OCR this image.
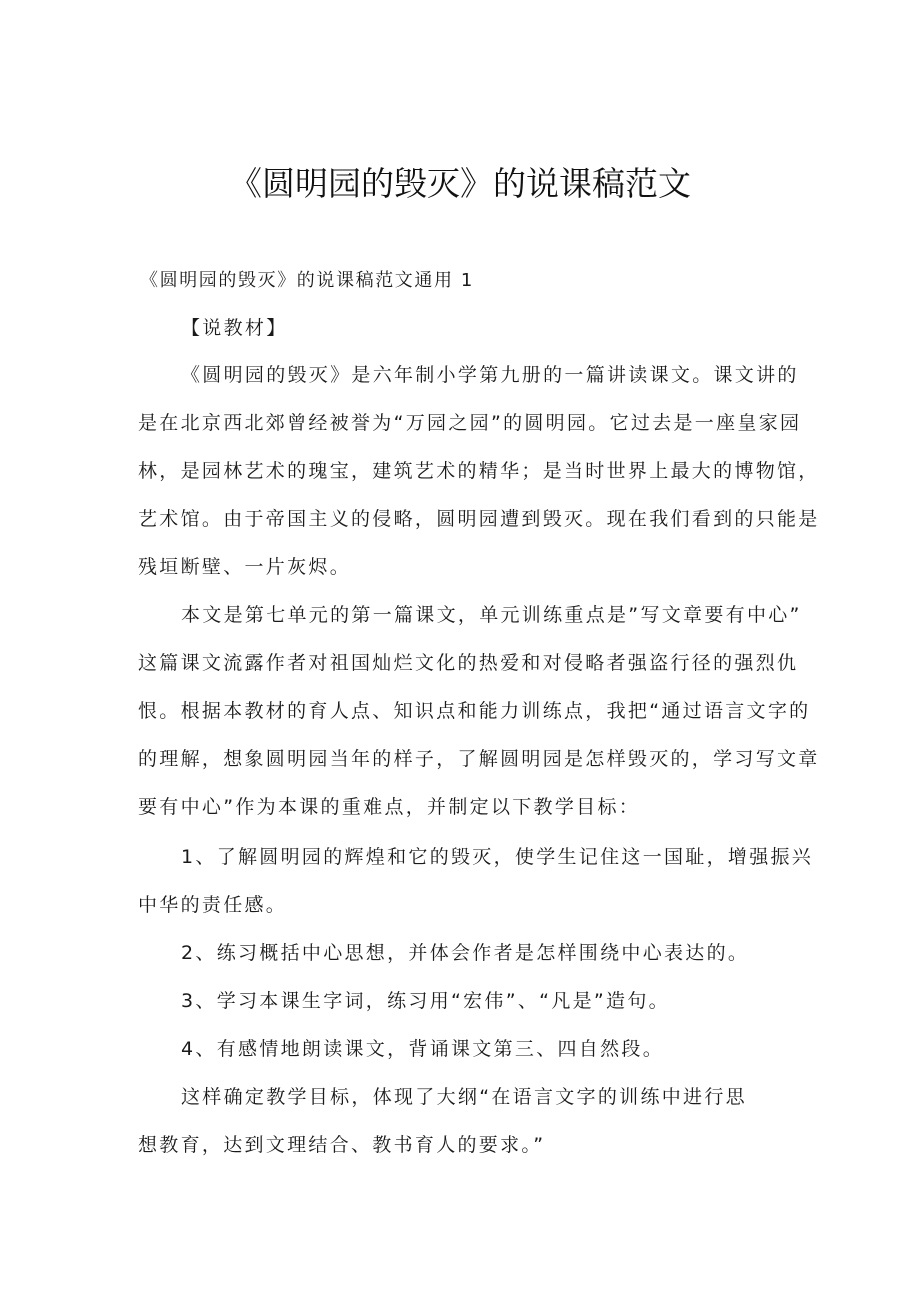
《圆明园的毁灭》的说课稿范文
《圆明园的毁灭》的说课稿范文通用 1
【说教材】
《圆明园的毁灭》是六年制小学第九册的一篇讲读课文。课文讲的
是在北京西北郊曾经被誉为“万园之园”的圆明园。它过去是一座皇家园
林，是园林艺术的瑰宝，建筑艺术的精华；是当时世界上最大的博物馆，
艺术馆。由于帝国主义的侵略，圆明园遭到毁灭。现在我们看到的只能是
残垣断壁、一片灰烬。
本文是第七单元的第一篇课文，单元训练重点是”写文章要有中心”
这篇课文流露作者对祖国灿烂文化的热爱和对侵略者强盗行径的强烈仇
恨。根据本教材的育人点、知识点和能力训练点，我把“通过语言文字的
的理解，想象圆明园当年的样子，了解圆明园是怎样毁灭的，学习写文章
要有中心”作为本课的重难点，并制定以下教学目标：
1、了解圆明园的辉煌和它的毁灭，使学生记住这一国耻，增强振兴
中华的责任感。
2、练习概括中心思想，并体会作者是怎样围绕中心表达的。
3、学习本课生字词，练习用“宏伟”、“凡是”造句。
4、有感情地朗读课文，背诵课文第三、四自然段。
这样确定教学目标，体现了大纲“在语言文字的训练中进行思
想教育，达到文理结合、教书育人的要求。”
